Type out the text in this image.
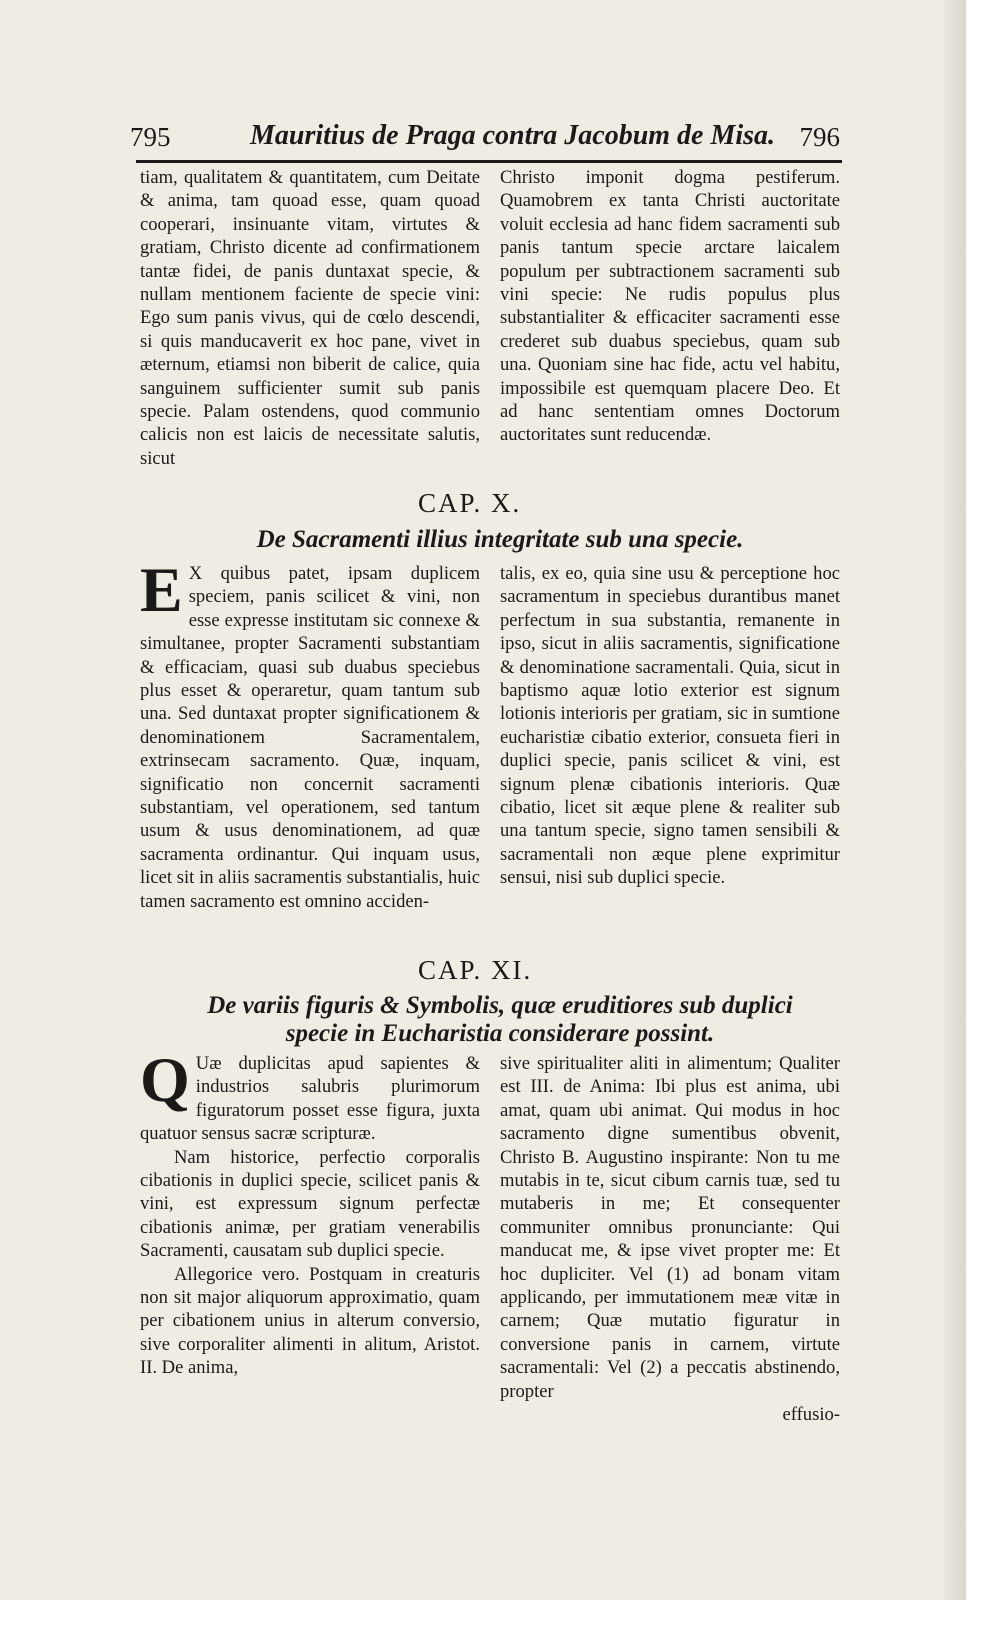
795	Mauritius de Praga contra Jacobum de Misa. 796

tiam, qualitatem & quantitatem, cum Deitate & anima, tam quoad esse, quam quoad cooperari, insinuante vitam, virtutes & gratiam, Christo dicente ad confirmationem tantæ fidei, de panis duntaxat specie, & nullam mentionem faciente de specie vini: Ego sum panis vivus, qui de cœlo descendi, si quis manducaverit ex hoc pane, vivet in æternum, etiamsi non biberit de calice, quia sanguinem sufficienter sumit sub panis specie. Palam ostendens, quod communio calicis non est laicis de necessitate salutis, sicut

Christo imponit dogma pestiferum. Quamobrem ex tanta Christi auctoritate voluit ecclesia ad hanc fidem sacramenti sub panis tantum specie arctare laicalem populum per subtractionem sacramenti sub vini specie: Ne rudis populus plus substantialiter & efficaciter sacramenti esse crederet sub duabus speciebus, quam sub una. Quoniam sine hac fide, actu vel habitu, impossibile est quemquam placere Deo. Et ad hanc sententiam omnes Doctorum auctoritates sunt reducendæ.

CAP. X.
De Sacramenti illius integritate sub una specie.

E X quibus patet, ipsam duplicem speciem, panis scilicet & vini, non esse expresse institutam sic connexe & simultanee, propter Sacramenti substantiam & efficaciam, quasi sub duabus speciebus plus esset & operaretur, quam tantum sub una. Sed duntaxat propter significationem & denominationem Sacramentalem, extrinsecam sacramento. Quæ, inquam, significatio non concernit sacramenti substantiam, vel operationem, sed tantum usum & usus denominationem, ad quæ sacramenta ordinantur. Qui inquam usus, licet sit in aliis sacramentis substantialis, huic tamen sacramento est omnino acciden-

talis, ex eo, quia sine usu & perceptione hoc sacramentum in speciebus durantibus manet perfectum in sua substantia, remanente in ipso, sicut in aliis sacramentis, significatione & denominatione sacramentali. Quia, sicut in baptismo aquæ lotio exterior est signum lotionis interioris per gratiam, sic in sumtione eucharistiæ cibatio exterior, consueta fieri in duplici specie, panis scilicet & vini, est signum plenæ cibationis interioris. Quæ cibatio, licet sit æque plene & realiter sub una tantum specie, signo tamen sensibili & sacramentali non æque plene exprimitur sensui, nisi sub duplici specie.

CAP. XI.
De variis figuris & Symbolis, quæ eruditiores sub duplici
specie in Eucharistia considerare possint.

Q Uæ duplicitas apud sapientes & industrios salubris plurimorum figuratorum posset esse figura, juxta quatuor sensus sacræ scripturæ.

Nam historice, perfectio corporalis cibationis in duplici specie, scilicet panis & vini, est expressum signum perfectæ cibationis animæ, per gratiam venerabilis Sacramenti, causatam sub duplici specie.

Allegorice vero. Postquam in creaturis non sit major aliquorum approximatio, quam per cibationem unius in alterum conversio, sive corporaliter alimenti in alitum, Aristot. II. De anima,

sive spiritualiter aliti in alimentum; Qualiter est III. de Anima: Ibi plus est anima, ubi amat, quam ubi animat. Qui modus in hoc sacramento digne sumentibus obvenit, Christo B. Augustino inspirante: Non tu me mutabis in te, sicut cibum carnis tuæ, sed tu mutaberis in me; Et consequenter communiter omnibus pronunciante: Qui manducat me, & ipse vivet propter me: Et hoc dupliciter. Vel (1) ad bonam vitam applicando, per immutationem meæ vitæ in carnem; Quæ mutatio figuratur in conversione panis in carnem, virtute sacramentali: Vel (2) a peccatis abstinendo, propter

effusio-
